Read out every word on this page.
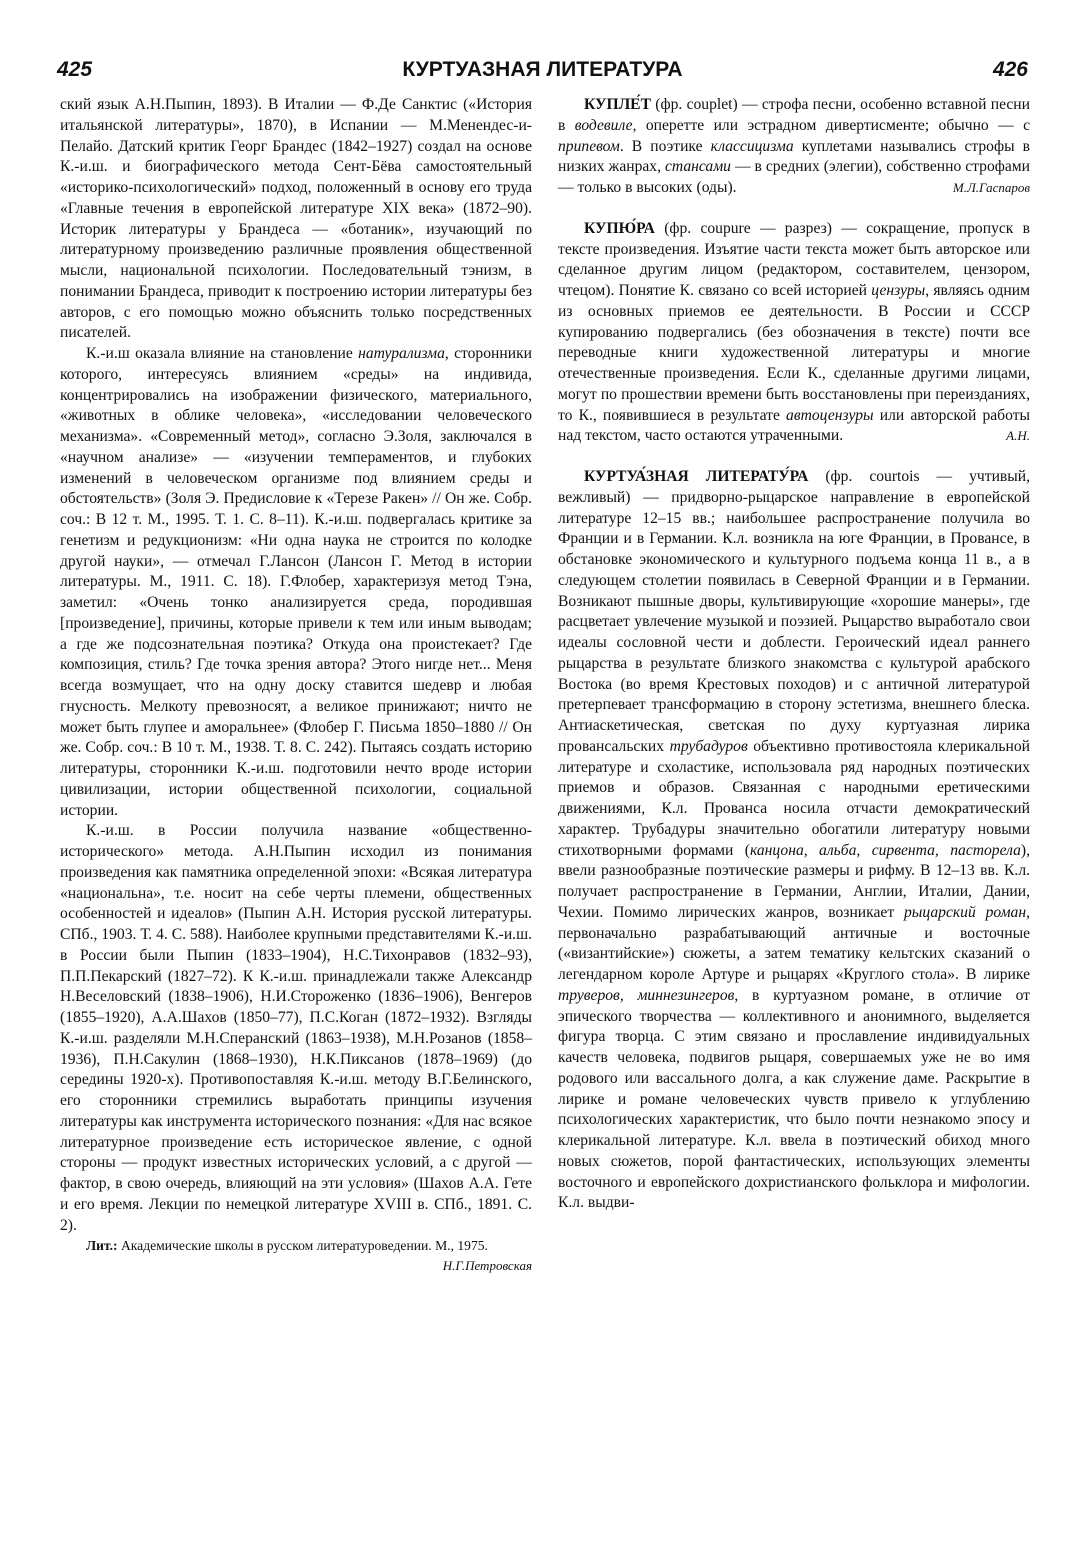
425	КУРТУАЗНАЯ ЛИТЕРАТУРА	426

ский язык А.Н.Пыпин, 1893). В Италии — Ф.Де Санктис («История итальянской литературы», 1870), в Испании — М.Менендес-и-Пелайо. Датский критик Георг Брандес (1842–1927) создал на основе К.-и.ш. и биографического метода Сент-Бёва самостоятельный «историко-психологический» подход, положенный в основу его труда «Главные течения в европейской литературе XIX века» (1872–90). Историк литературы у Брандеса — «ботаник», изучающий по литературному произведению различные проявления общественной мысли, национальной психологии. Последовательный тэнизм, в понимании Брандеса, приводит к построению истории литературы без авторов, с его помощью можно объяснить только посредственных писателей.

К.-и.ш оказала влияние на становление натурализма, сторонники которого, интересуясь влиянием «среды» на индивида, концентрировались на изображении физического, материального, «животных в облике человека», «исследовании человеческого механизма». «Современный метод», согласно Э.Золя, заключался в «научном анализе» — «изучении темпераментов, и глубоких изменений в человеческом организме под влиянием среды и обстоятельств» (Золя Э. Предисловие к «Терезе Ракен» // Он же. Собр. соч.: В 12 т. М., 1995. Т. 1. С. 8–11). К.-и.ш. подвергалась критике за генетизм и редукционизм: «Ни одна наука не строится по колодке другой науки», — отмечал Г.Лансон (Лансон Г. Метод в истории литературы. М., 1911. С. 18). Г.Флобер, характеризуя метод Тэна, заметил: «Очень тонко анализируется среда, породившая [произведение], причины, которые привели к тем или иным выводам; а где же подсознательная поэтика? Откуда она проистекает? Где композиция, стиль? Где точка зрения автора? Этого нигде нет... Меня всегда возмущает, что на одну доску ставится шедевр и любая гнусность. Мелкоту превозносят, а великое принижают; ничто не может быть глупее и аморальнее» (Флобер Г. Письма 1850–1880 // Он же. Собр. соч.: В 10 т. М., 1938. Т. 8. С. 242). Пытаясь создать историю литературы, сторонники К.-и.ш. подготовили нечто вроде истории цивилизации, истории общественной психологии, социальной истории.

К.-и.ш. в России получила название «общественно-исторического» метода. А.Н.Пыпин исходил из понимания произведения как памятника определенной эпохи: «Всякая литература «национальна», т.е. носит на себе черты племени, общественных особенностей и идеалов» (Пыпин А.Н. История русской литературы. СПб., 1903. Т. 4. С. 588). Наиболее крупными представителями К.-и.ш. в России были Пыпин (1833–1904), Н.С.Тихонравов (1832–93), П.П.Пекарский (1827–72). К К.-и.ш. принадлежали также Александр Н.Веселовский (1838–1906), Н.И.Стороженко (1836–1906), Венгеров (1855–1920), А.А.Шахов (1850–77), П.С.Коган (1872–1932). Взгляды К.-и.ш. разделяли М.Н.Сперанский (1863–1938), М.Н.Розанов (1858–1936), П.Н.Сакулин (1868–1930), Н.К.Пиксанов (1878–1969) (до середины 1920-х). Противопоставляя К.-и.ш. методу В.Г.Белинского, его сторонники стремились выработать принципы изучения литературы как инструмента исторического познания: «Для нас всякое литературное произведение есть историческое явление, с одной стороны — продукт известных исторических условий, а с другой — фактор, в свою очередь, влияющий на эти условия» (Шахов А.А. Гете и его время. Лекции по немецкой литературе XVIII в. СПб., 1891. С. 2).

Лит.: Академические школы в русском литературоведении. М., 1975.
Н.Г.Петровская

КУПЛЕ́Т (фр. couplet) — строфа песни, особенно вставной песни в водевиле, оперетте или эстрадном дивертисменте; обычно — с припевом. В поэтике классицизма куплетами назывались строфы в низких жанрах, стансами — в средних (элегии), собственно строфами — только в высоких (оды).	М.Л.Гаспаров

КУПЮ́РА (фр. coupure — разрез) — сокращение, пропуск в тексте произведения. Изъятие части текста может быть авторское или сделанное другим лицом (редактором, составителем, цензором, чтецом). Понятие К. связано со всей историей цензуры, являясь одним из основных приемов ее деятельности. В России и СССР купированию подвергались (без обозначения в тексте) почти все переводные книги художественной литературы и многие отечественные произведения. Если К., сделанные другими лицами, могут по прошествии времени быть восстановлены при переизданиях, то К., появившиеся в результате автоцензуры или авторской работы над текстом, часто остаются утраченными.	А.Н.

КУРТУА́ЗНАЯ ЛИТЕРАТУ́РА (фр. courtois — учтивый, вежливый) — придворно-рыцарское направление в европейской литературе 12–15 вв.; наибольшее распространение получила во Франции и в Германии. К.л. возникла на юге Франции, в Провансе, в обстановке экономического и культурного подъема конца 11 в., а в следующем столетии появилась в Северной Франции и в Германии. Возникают пышные дворы, культивирующие «хорошие манеры», где расцветает увлечение музыкой и поэзией. Рыцарство выработало свои идеалы сословной чести и доблести. Героический идеал раннего рыцарства в результате близкого знакомства с культурой арабского Востока (во время Крестовых походов) и с античной литературой претерпевает трансформацию в сторону эстетизма, внешнего блеска. Антиаскетическая, светская по духу куртуазная лирика провансальских трубадуров объективно противостояла клерикальной литературе и схоластике, использовала ряд народных поэтических приемов и образов. Связанная с народными еретическими движениями, К.л. Прованса носила отчасти демократический характер. Трубадуры значительно обогатили литературу новыми стихотворными формами (канцона, альба, сирвента, пасторела), ввели разнообразные поэтические размеры и рифму. В 12–13 вв. К.л. получает распространение в Германии, Англии, Италии, Дании, Чехии. Помимо лирических жанров, возникает рыцарский роман, первоначально разрабатывающий античные и восточные («византийские») сюжеты, а затем тематику кельтских сказаний о легендарном короле Артуре и рыцарях «Круглого стола». В лирике труверов, миннезингеров, в куртуазном романе, в отличие от эпического творчества — коллективного и анонимного, выделяется фигура творца. С этим связано и прославление индивидуальных качеств человека, подвигов рыцаря, совершаемых уже не во имя родового или вассального долга, а как служение даме. Раскрытие в лирике и романе человеческих чувств привело к углублению психологических характеристик, что было почти незнакомо эпосу и клерикальной литературе. К.л. ввела в поэтический обиход много новых сюжетов, порой фантастических, использующих элементы восточного и европейского дохристианского фольклора и мифологии. К.л. выдви-
